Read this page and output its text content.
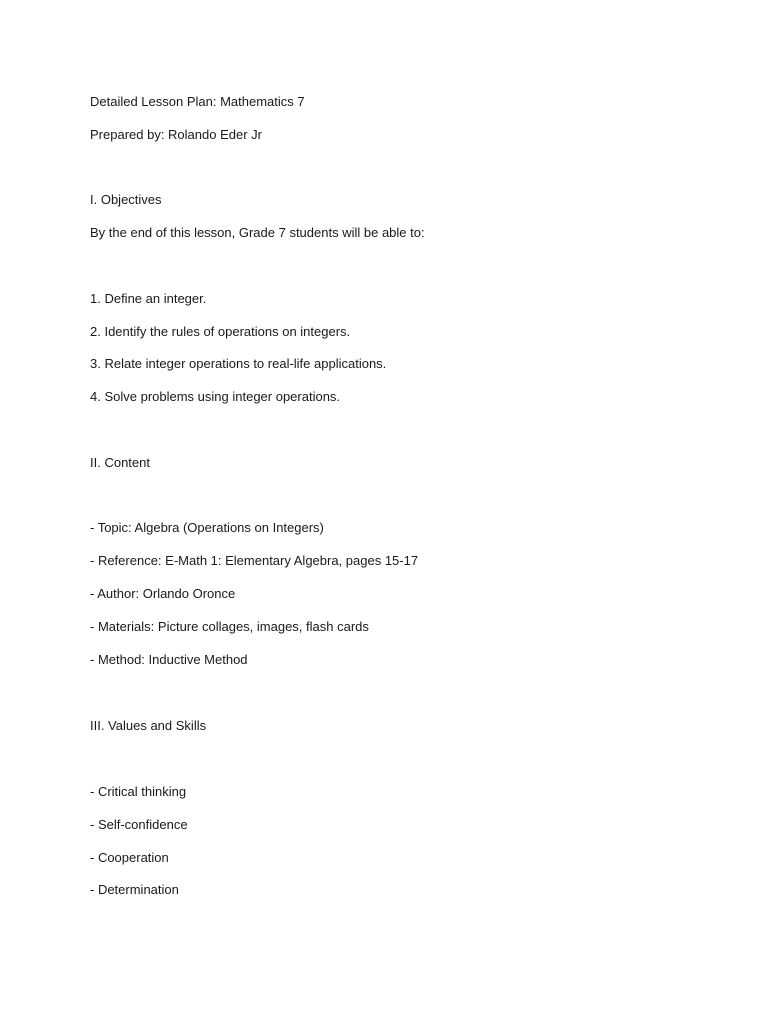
Detailed Lesson Plan: Mathematics 7
Prepared by: Rolando Eder Jr
I. Objectives
By the end of this lesson, Grade 7 students will be able to:
1. Define an integer.
2. Identify the rules of operations on integers.
3. Relate integer operations to real-life applications.
4. Solve problems using integer operations.
II. Content
- Topic: Algebra (Operations on Integers)
- Reference: E-Math 1: Elementary Algebra, pages 15-17
- Author: Orlando Oronce
- Materials: Picture collages, images, flash cards
- Method: Inductive Method
III. Values and Skills
- Critical thinking
- Self-confidence
- Cooperation
- Determination
